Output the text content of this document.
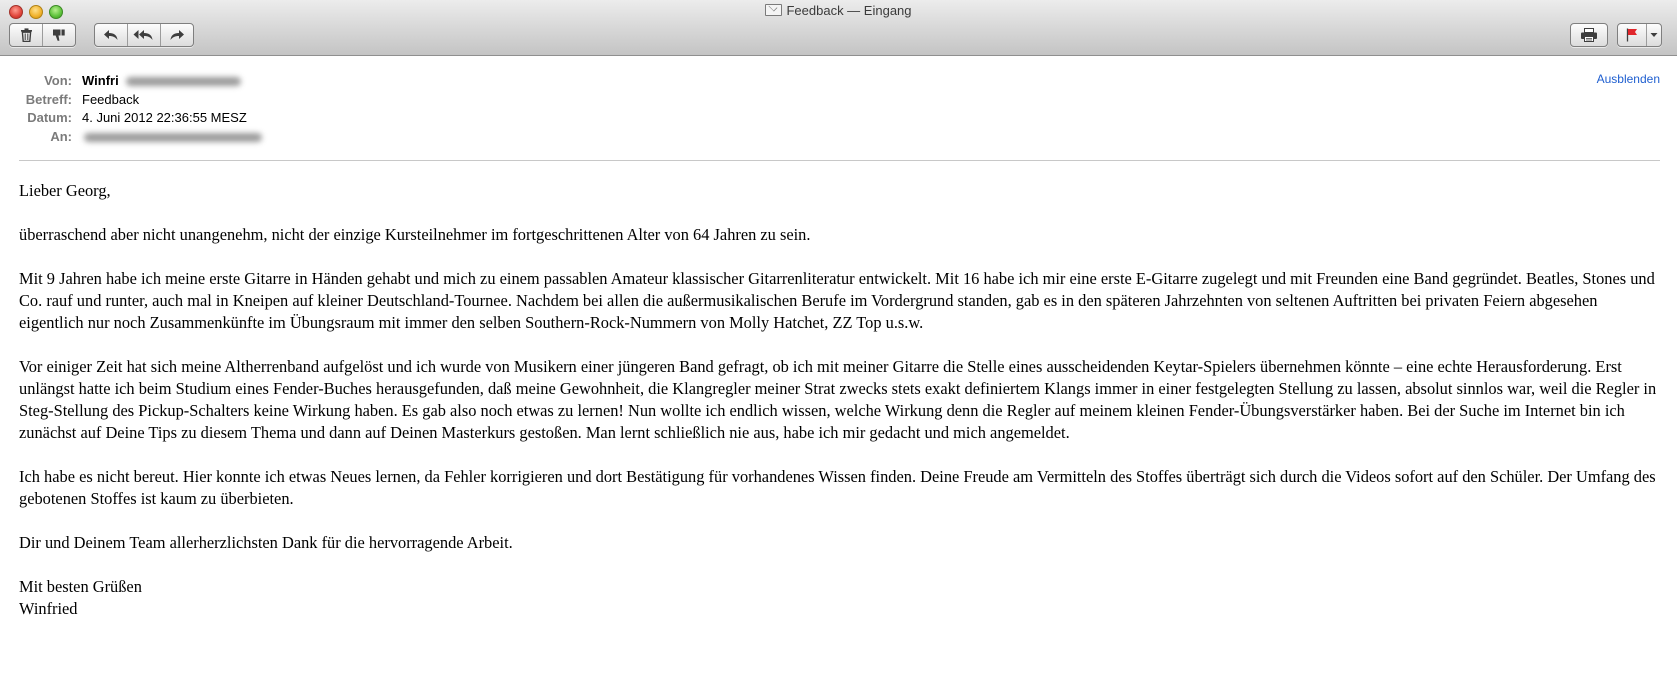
Feedback — Eingang
Von: Winfri
Betreff: Feedback
Datum: 4. Juni 2012 22:36:55 MESZ
An:
Ausblenden

Lieber Georg,

überraschend aber nicht unangenehm, nicht der einzige Kursteilnehmer im fortgeschrittenen Alter von 64 Jahren zu sein.

Mit 9 Jahren habe ich meine erste Gitarre in Händen gehabt und mich zu einem passablen Amateur klassischer Gitarrenliteratur entwickelt. Mit 16 habe ich mir eine erste E-Gitarre zugelegt und mit Freunden eine Band gegründet. Beatles, Stones und Co. rauf und runter, auch mal in Kneipen auf kleiner Deutschland-Tournee. Nachdem bei allen die außermusikalischen Berufe im Vordergrund standen, gab es in den späteren Jahrzehnten von seltenen Auftritten bei privaten Feiern abgesehen eigentlich nur noch Zusammenkünfte im Übungsraum mit immer den selben Southern-Rock-Nummern von Molly Hatchet, ZZ Top u.s.w.

Vor einiger Zeit hat sich meine Altherrenband aufgelöst und ich wurde von Musikern einer jüngeren Band gefragt, ob ich mit meiner Gitarre die Stelle eines ausscheidenden Keytar-Spielers übernehmen könnte – eine echte Herausforderung. Erst unlängst hatte ich beim Studium eines Fender-Buches herausgefunden, daß meine Gewohnheit, die Klangregler meiner Strat zwecks stets exakt definiertem Klangs immer in einer festgelegten Stellung zu lassen, absolut sinnlos war, weil die Regler in Steg-Stellung des Pickup-Schalters keine Wirkung haben. Es gab also noch etwas zu lernen! Nun wollte ich endlich wissen, welche Wirkung denn die Regler auf meinem kleinen Fender-Übungsverstärker haben. Bei der Suche im Internet bin ich zunächst auf Deine Tips zu diesem Thema und dann auf Deinen Masterkurs gestoßen. Man lernt schließlich nie aus, habe ich mir gedacht und mich angemeldet.

Ich habe es nicht bereut. Hier konnte ich etwas Neues lernen, da Fehler korrigieren und dort Bestätigung für vorhandenes Wissen finden. Deine Freude am Vermitteln des Stoffes überträgt sich durch die Videos sofort auf den Schüler. Der Umfang des gebotenen Stoffes ist kaum zu überbieten.

Dir und Deinem Team allerherzlichsten Dank für die hervorragende Arbeit.

Mit besten Grüßen

Winfried
